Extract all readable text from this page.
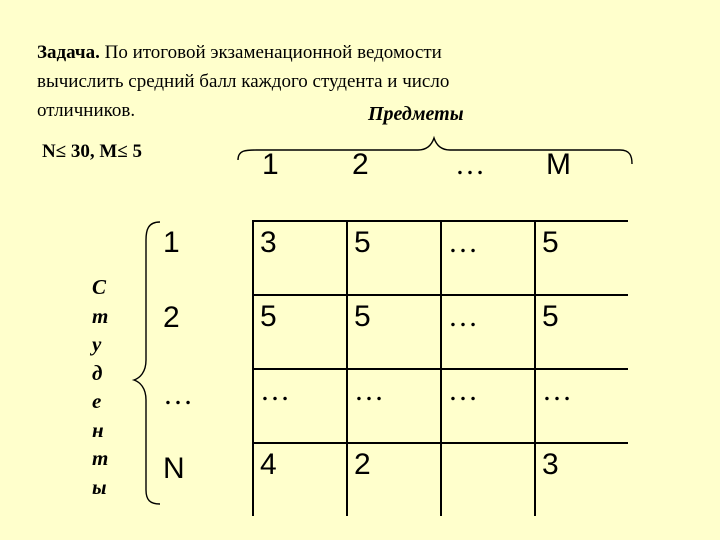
Задача. По итоговой экзаменационной ведомости
вычислить средний балл каждого студента и число
отличников.	Предметы
N≤ 30, M≤ 5	1 2	… M
1
2
…
N
С
т
у
д
е
н
т
ы
3	5	…	5

5	5	…	5

…	…	…	…

4	2		3
